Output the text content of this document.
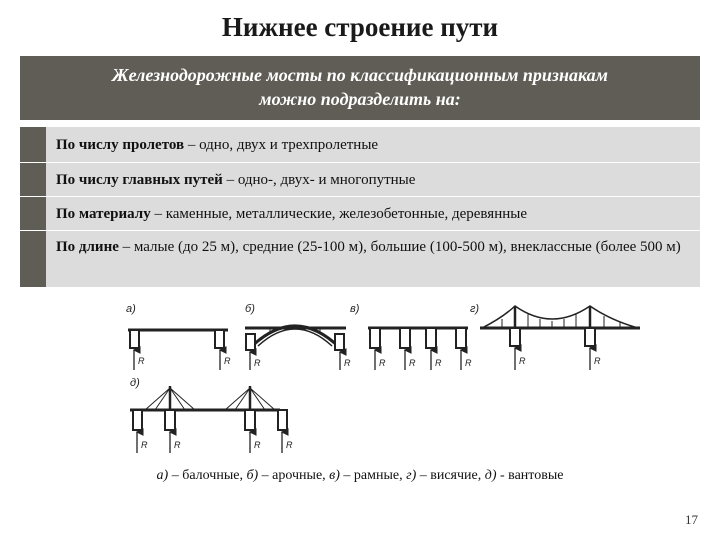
Нижнее строение пути
Железнодорожные мосты по классификационным признакам
можно подразделить на:
По числу пролетов – одно, двух и трехпролетные
По числу главных путей – одно-, двух- и многопутные
По материалу – каменные, металлические, железобетонные, деревянные
По длине – малые (до 25 м), средние (25-100 м), большие (100-500 м), внеклассные (более 500 м)
а)	б)	в)	г)
д)
R	R	R	R	R	R R	R	R	R
R	R	R	R
а) – балочные, б) – арочные, в) – рамные, г) – висячие, д) - вантовые
17
